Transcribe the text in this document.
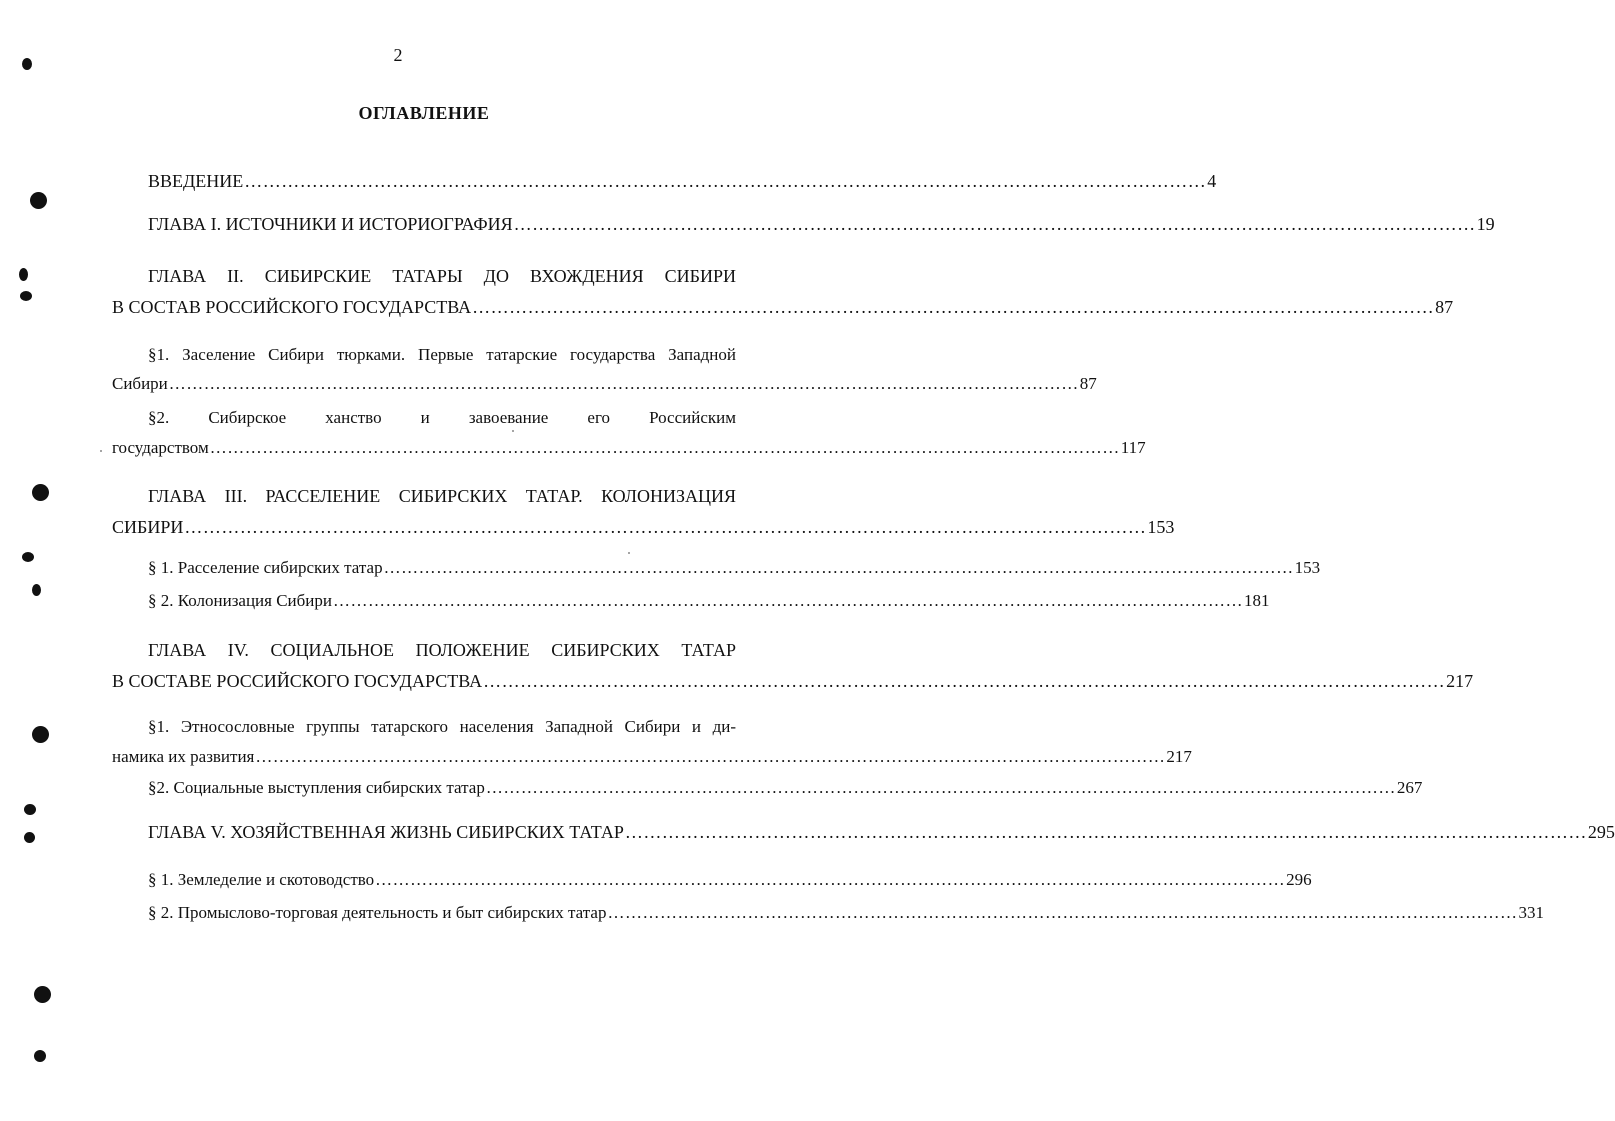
2
ОГЛАВЛЕНИЕ
ВВЕДЕНИЕ ………………………………………………………………………………………………………………………………………… 4
ГЛАВА I. ИСТОЧНИКИ И ИСТОРИОГРАФИЯ ………………………………………………………………………………………………………………………………………… 19
ГЛАВА II. СИБИРСКИЕ ТАТАРЫ ДО ВХОЖДЕНИЯ СИБИРИ
В СОСТАВ РОССИЙСКОГО ГОСУДАРСТВА ………………………………………………………………………………………………………………………………………… 87
§1. Заселение Сибири тюрками. Первые татарские государства Западной
Сибири ………………………………………………………………………………………………………………………………………… 87
§2. Сибирское ханство и завоевание его Российским
государством ………………………………………………………………………………………………………………………………………… 117
ГЛАВА III. РАССЕЛЕНИЕ СИБИРСКИХ ТАТАР. КОЛОНИЗАЦИЯ
СИБИРИ ………………………………………………………………………………………………………………………………………… 153
§ 1. Расселение сибирских татар ………………………………………………………………………………………………………………………………………… 153
§ 2. Колонизация Сибири ………………………………………………………………………………………………………………………………………… 181
ГЛАВА IV. СОЦИАЛЬНОЕ ПОЛОЖЕНИЕ СИБИРСКИХ ТАТАР
В СОСТАВЕ РОССИЙСКОГО ГОСУДАРСТВА ………………………………………………………………………………………………………………………………………… 217
§1. Этносословные группы татарского населения Западной Сибири и ди-
намика их развития ………………………………………………………………………………………………………………………………………… 217
§2. Социальные выступления сибирских татар ………………………………………………………………………………………………………………………………………… 267
ГЛАВА V. ХОЗЯЙСТВЕННАЯ ЖИЗНЬ СИБИРСКИХ ТАТАР ………………………………………………………………………………………………………………………………………… 295
§ 1. Земледелие и скотоводство ………………………………………………………………………………………………………………………………………… 296
§ 2. Промыслово-торговая деятельность и быт сибирских татар ………………………………………………………………………………………………………………………………………… 331
